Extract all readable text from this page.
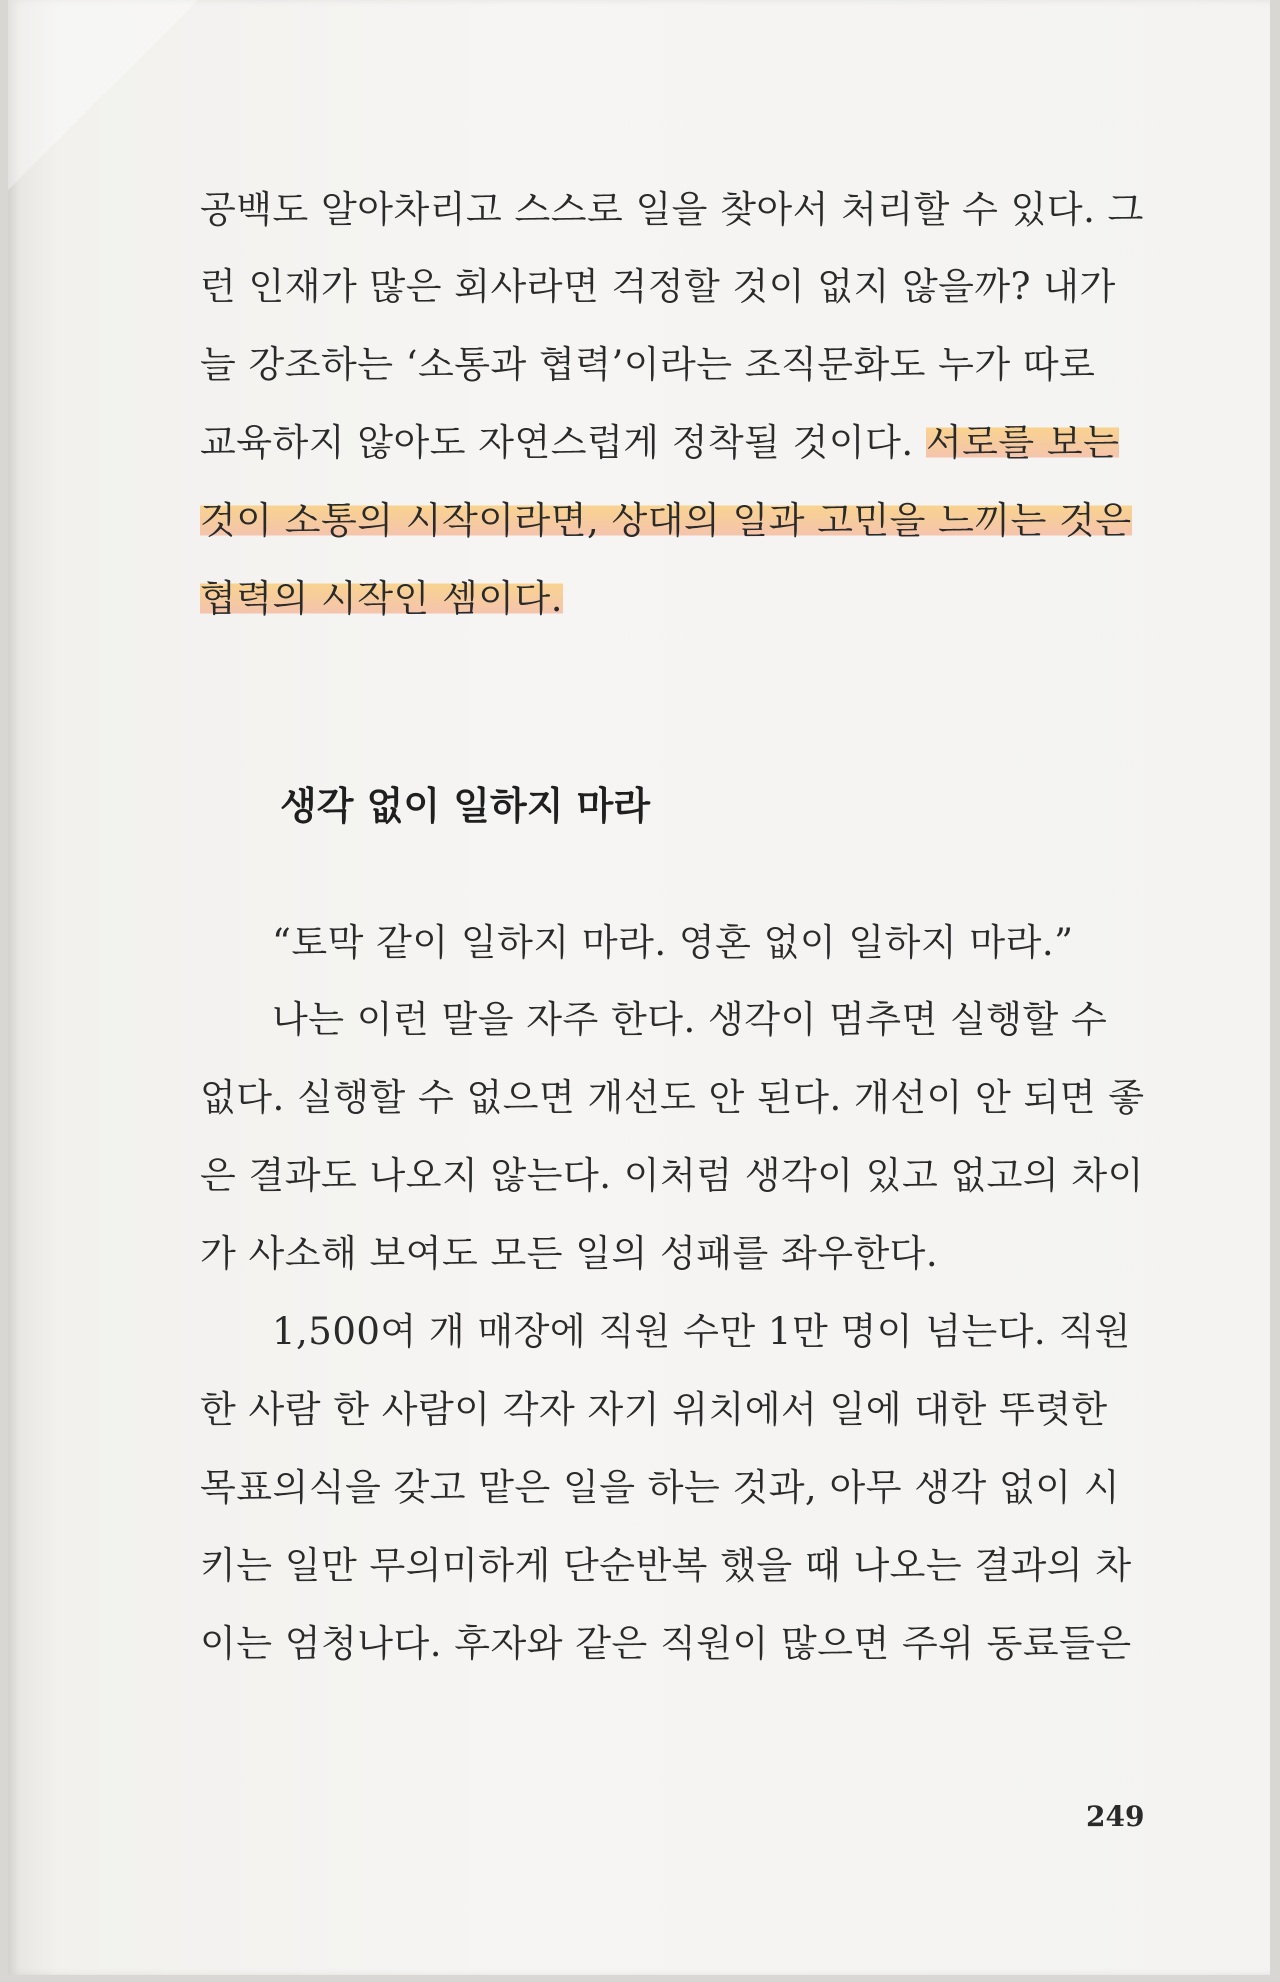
공백도 알아차리고 스스로 일을 찾아서 처리할 수 있다. 그
런 인재가 많은 회사라면 걱정할 것이 없지 않을까? 내가
늘 강조하는 ‘소통과 협력’이라는 조직문화도 누가 따로
교육하지 않아도 자연스럽게 정착될 것이다. 서로를 보는
것이 소통의 시작이라면, 상대의 일과 고민을 느끼는 것은
협력의 시작인 셈이다.
생각 없이 일하지 마라
“토막 같이 일하지 마라. 영혼 없이 일하지 마라.”
나는 이런 말을 자주 한다. 생각이 멈추면 실행할 수
없다. 실행할 수 없으면 개선도 안 된다. 개선이 안 되면 좋
은 결과도 나오지 않는다. 이처럼 생각이 있고 없고의 차이
가 사소해 보여도 모든 일의 성패를 좌우한다.
1,500여 개 매장에 직원 수만 1만 명이 넘는다. 직원
한 사람 한 사람이 각자 자기 위치에서 일에 대한 뚜렷한
목표의식을 갖고 맡은 일을 하는 것과, 아무 생각 없이 시
키는 일만 무의미하게 단순반복 했을 때 나오는 결과의 차
이는 엄청나다. 후자와 같은 직원이 많으면 주위 동료들은
249
